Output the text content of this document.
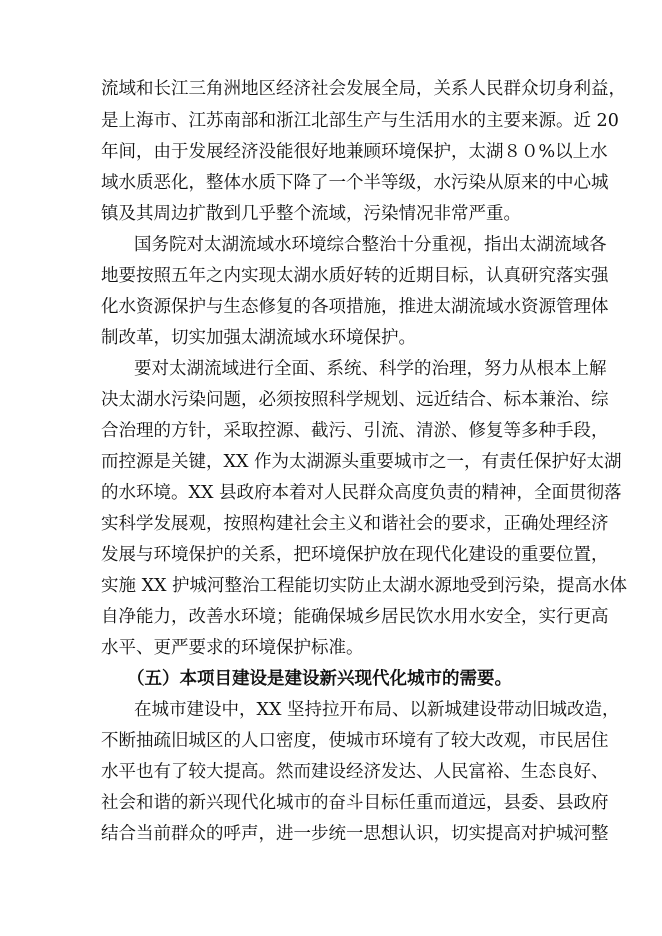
流域和长江三角洲地区经济社会发展全局，关系人民群众切身利益，
是上海市、江苏南部和浙江北部生产与生活用水的主要来源。近 20
年间，由于发展经济没能很好地兼顾环境保护，太湖８０%以上水
域水质恶化，整体水质下降了一个半等级，水污染从原来的中心城
镇及其周边扩散到几乎整个流域，污染情况非常严重。
国务院对太湖流域水环境综合整治十分重视，指出太湖流域各
地要按照五年之内实现太湖水质好转的近期目标，认真研究落实强
化水资源保护与生态修复的各项措施，推进太湖流域水资源管理体
制改革，切实加强太湖流域水环境保护。
要对太湖流域进行全面、系统、科学的治理，努力从根本上解
决太湖水污染问题，必须按照科学规划、远近结合、标本兼治、综
合治理的方针，采取控源、截污、引流、清淤、修复等多种手段，
而控源是关键，XX 作为太湖源头重要城市之一，有责任保护好太湖
的水环境。XX 县政府本着对人民群众高度负责的精神，全面贯彻落
实科学发展观，按照构建社会主义和谐社会的要求，正确处理经济
发展与环境保护的关系，把环境保护放在现代化建设的重要位置，
实施 XX 护城河整治工程能切实防止太湖水源地受到污染，提高水体
自净能力，改善水环境；能确保城乡居民饮水用水安全，实行更高
水平、更严要求的环境保护标准。
（五）本项目建设是建设新兴现代化城市的需要。
在城市建设中，XX 坚持拉开布局、以新城建设带动旧城改造，
不断抽疏旧城区的人口密度，使城市环境有了较大改观，市民居住
水平也有了较大提高。然而建设经济发达、人民富裕、生态良好、
社会和谐的新兴现代化城市的奋斗目标任重而道远，县委、县政府
结合当前群众的呼声，进一步统一思想认识，切实提高对护城河整
